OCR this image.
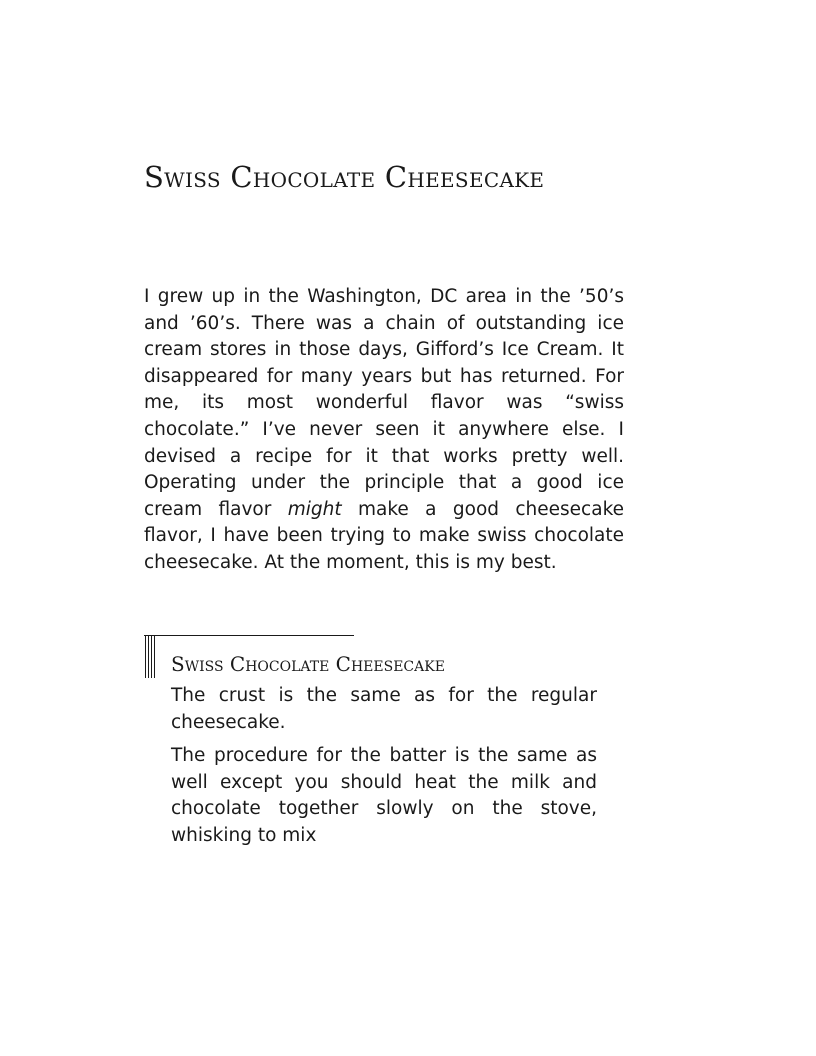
Swiss Chocolate Cheesecake

I grew up in the Washington, DC area in the ’50’s and ’60’s. There was a chain of outstanding ice cream stores in those days, Gifford’s Ice Cream. It disappeared for many years but has returned. For me, its most wonderful flavor was “swiss chocolate.” I’ve never seen it anywhere else. I devised a recipe for it that works pretty well. Operating under the principle that a good ice cream flavor might make a good cheesecake flavor, I have been trying to make swiss chocolate cheesecake. At the moment, this is my best.

Swiss Chocolate Cheesecake

The crust is the same as for the regular cheesecake.

The procedure for the batter is the same as well except you should heat the milk and chocolate together slowly on the stove, whisking to mix
